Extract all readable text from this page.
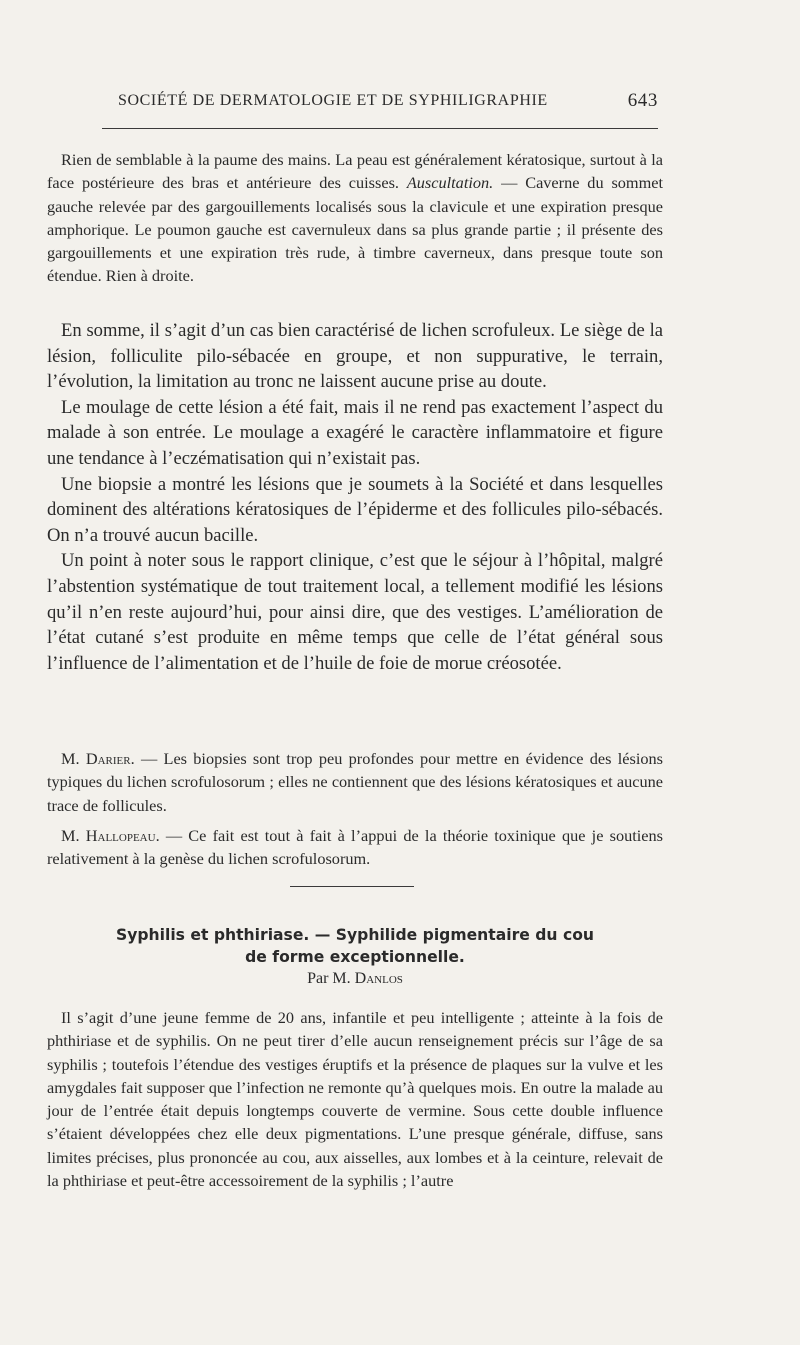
SOCIÉTÉ DE DERMATOLOGIE ET DE SYPHILIGRAPHIE	643

Rien de semblable à la paume des mains. La peau est généralement kératosique, surtout à la face postérieure des bras et antérieure des cuisses. Auscultation. — Caverne du sommet gauche relevée par des gargouillements localisés sous la clavicule et une expiration presque amphorique. Le poumon gauche est cavernuleux dans sa plus grande partie ; il présente des gargouillements et une expiration très rude, à timbre caverneux, dans presque toute son étendue. Rien à droite.

En somme, il s’agit d’un cas bien caractérisé de lichen scrofuleux. Le siège de la lésion, folliculite pilo-sébacée en groupe, et non suppurative, le terrain, l’évolution, la limitation au tronc ne laissent aucune prise au doute.

Le moulage de cette lésion a été fait, mais il ne rend pas exactement l’aspect du malade à son entrée. Le moulage a exagéré le caractère inflammatoire et figure une tendance à l’eczématisation qui n’existait pas.

Une biopsie a montré les lésions que je soumets à la Société et dans lesquelles dominent des altérations kératosiques de l’épiderme et des follicules pilo-sébacés. On n’a trouvé aucun bacille.

Un point à noter sous le rapport clinique, c’est que le séjour à l’hôpital, malgré l’abstention systématique de tout traitement local, a tellement modifié les lésions qu’il n’en reste aujourd’hui, pour ainsi dire, que des vestiges. L’amélioration de l’état cutané s’est produite en même temps que celle de l’état général sous l’influence de l’alimentation et de l’huile de foie de morue créosotée.

M. Darier. — Les biopsies sont trop peu profondes pour mettre en évidence des lésions typiques du lichen scrofulosorum ; elles ne contiennent que des lésions kératosiques et aucune trace de follicules.

M. Hallopeau. — Ce fait est tout à fait à l’appui de la théorie toxinique que je soutiens relativement à la genèse du lichen scrofulosorum.

Syphilis et phthiriase. — Syphilide pigmentaire du cou
de forme exceptionnelle.
Par M. Danlos

Il s’agit d’une jeune femme de 20 ans, infantile et peu intelligente ; atteinte à la fois de phthiriase et de syphilis. On ne peut tirer d’elle aucun renseignement précis sur l’âge de sa syphilis ; toutefois l’étendue des vestiges éruptifs et la présence de plaques sur la vulve et les amygdales fait supposer que l’infection ne remonte qu’à quelques mois. En outre la malade au jour de l’entrée était depuis longtemps couverte de vermine. Sous cette double influence s’étaient développées chez elle deux pigmentations. L’une presque générale, diffuse, sans limites précises, plus prononcée au cou, aux aisselles, aux lombes et à la ceinture, relevait de la phthiriase et peut-être accessoirement de la syphilis ; l’autre
